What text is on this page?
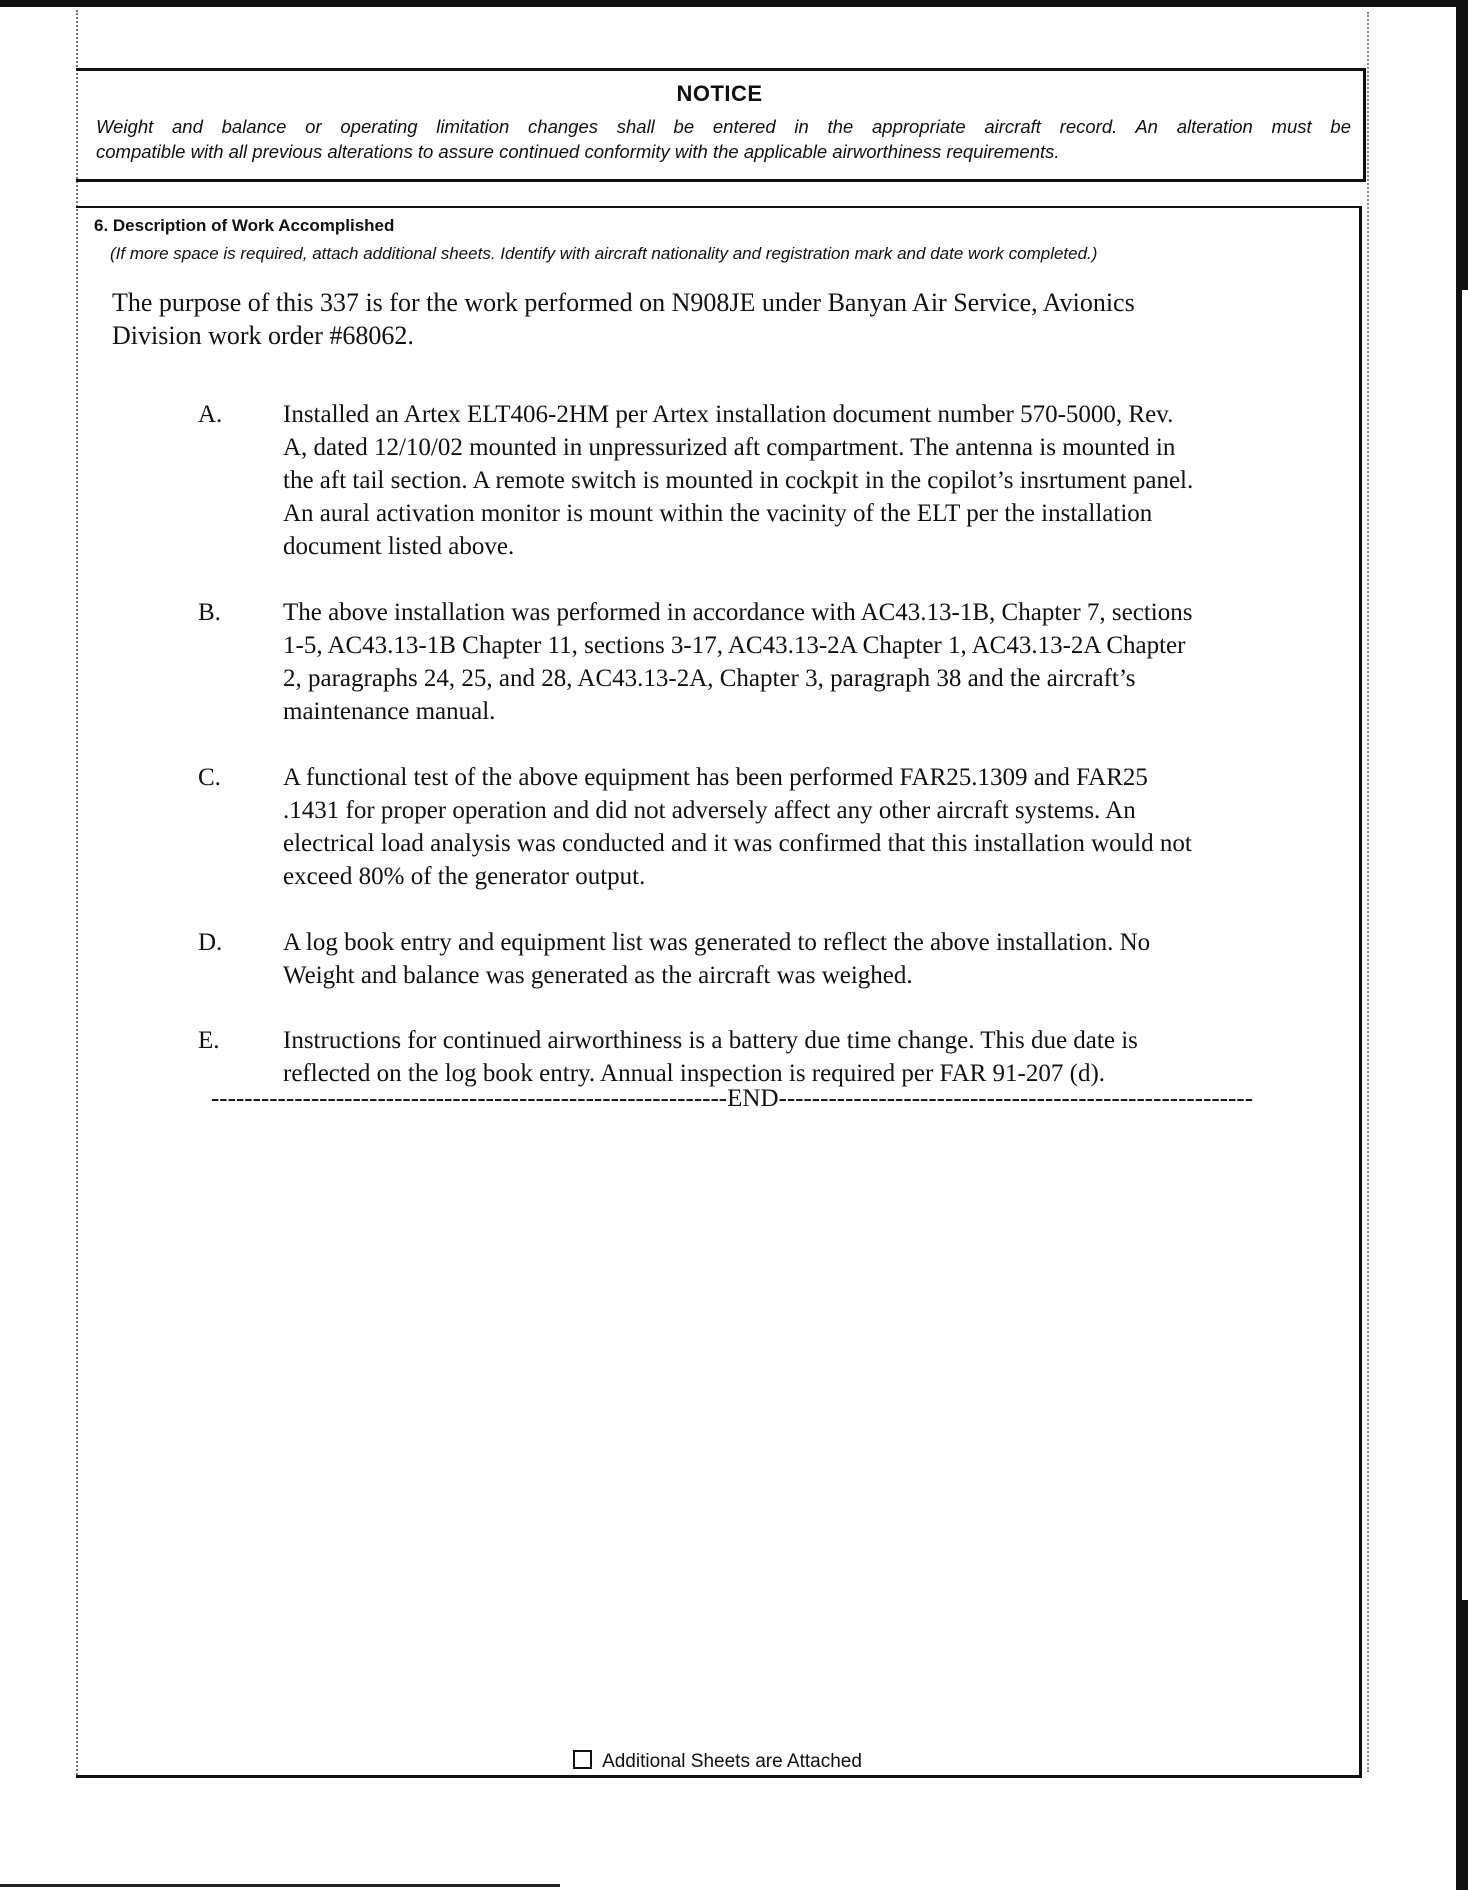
NOTICE

Weight and balance or operating limitation changes shall be entered in the appropriate aircraft record. An alteration must be

compatible with all previous alterations to assure continued conformity with the applicable airworthiness requirements.

6. Description of Work Accomplished
(If more space is required, attach additional sheets. Identify with aircraft nationality and registration mark and date work completed.)

The purpose of this 337 is for the work performed on N908JE under Banyan Air Service, Avionics

Division work order #68062.

A. Installed an Artex ELT406-2HM per Artex installation document number 570-5000, Rev.

A, dated 12/10/02 mounted in unpressurized aft compartment. The antenna is mounted in

the aft tail section. A remote switch is mounted in cockpit in the copilot’s insrtument panel.

An aural activation monitor is mount within the vacinity of the ELT per the installation

document listed above.

B. The above installation was performed in accordance with AC43.13-1B, Chapter 7, sections

1-5, AC43.13-1B Chapter 11, sections 3-17, AC43.13-2A Chapter 1, AC43.13-2A Chapter

2, paragraphs 24, 25, and 28, AC43.13-2A, Chapter 3, paragraph 38 and the aircraft’s

maintenance manual.

C. A functional test of the above equipment has been performed FAR25.1309 and FAR25

.1431 for proper operation and did not adversely affect any other aircraft systems. An

electrical load analysis was conducted and it was confirmed that this installation would not

exceed 80% of the generator output.

D. A log book entry and equipment list was generated to reflect the above installation. No

Weight and balance was generated as the aircraft was weighed.

E.	Instructions for continued airworthiness is a battery due time change. This due date is

reflected on the log book entry. Annual inspection is required per FAR 91-207 (d).

--------------------------------------------------------------END---------------------------------------------------------
Additional Sheets are Attached
